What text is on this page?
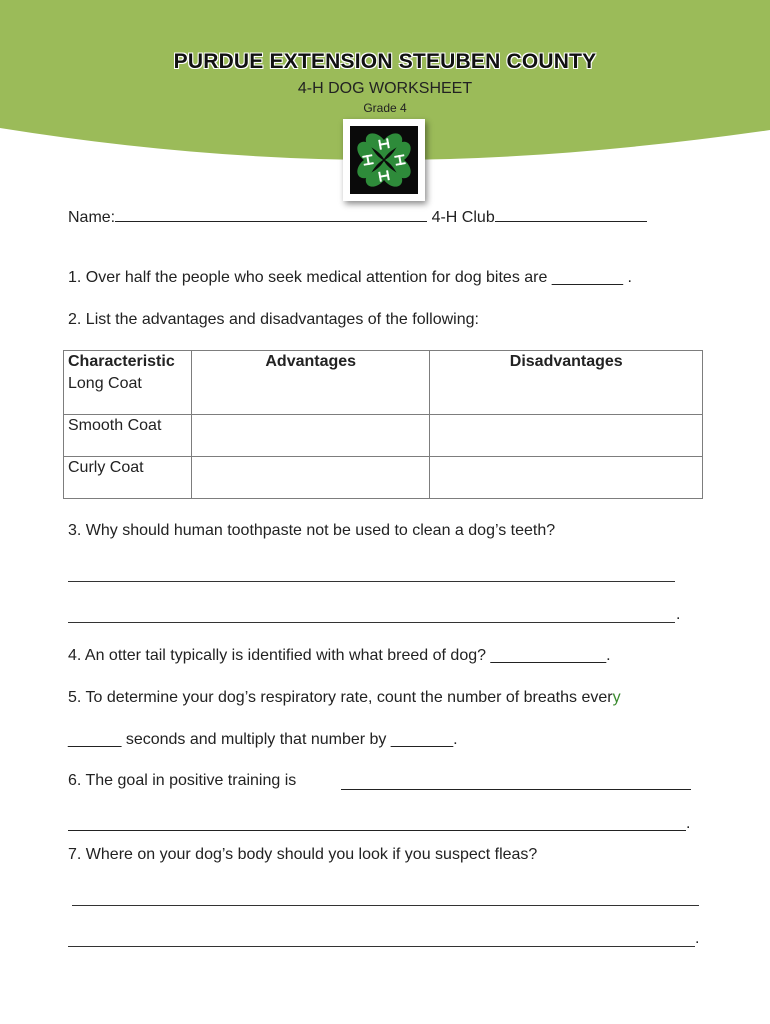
PURDUE EXTENSION STEUBEN COUNTY
4-H DOG WORKSHEET
Grade 4
Name:	4-H Club
1. Over half the people who seek medical attention for dog bites are ________ .
2. List the advantages and disadvantages of the following:
Characteristic	Advantages	Disadvantages
Long Coat		
Smooth Coat		
Curly Coat		
3. Why should human toothpaste not be used to clean a dog’s teeth?
.
4. An otter tail typically is identified with what breed of dog? _____________.
5. To determine your dog’s respiratory rate, count the number of breaths every
______ seconds and multiply that number by _______.
6. The goal in positive training is
.
7. Where on your dog’s body should you look if you suspect fleas?
.
